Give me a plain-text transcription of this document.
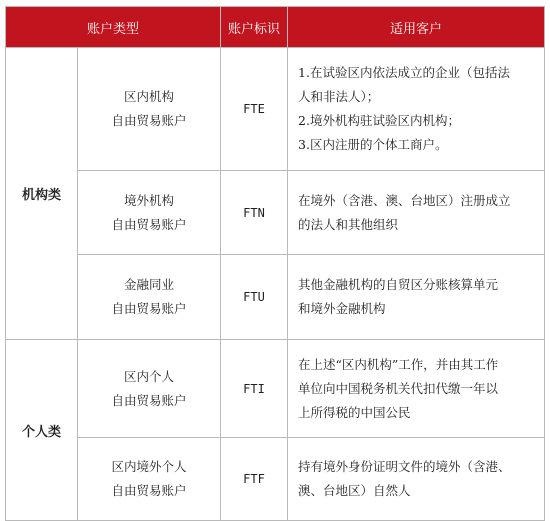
账户类型		账户标识	适用客户
机构类	区内机构
自由贸易账户	FTE	1.在试验区内依法成立的企业（包括法
人和非法人）；
2.境外机构驻试验区内机构；
3.区内注册的个体工商户。

	境外机构
自由贸易账户	FTN	在境外（含港、澳、台地区）注册成立
的法人和其他组织

	金融同业
自由贸易账户	FTU	其他金融机构的自贸区分账核算单元
和境外金融机构

个人类	区内个人
自由贸易账户	FTI	在上述“区内机构”工作，并由其工作
单位向中国税务机关代扣代缴一年以
上所得税的中国公民

	区内境外个人
自由贸易账户	FTF	持有境外身份证明文件的境外（含港、
澳、台地区）自然人
